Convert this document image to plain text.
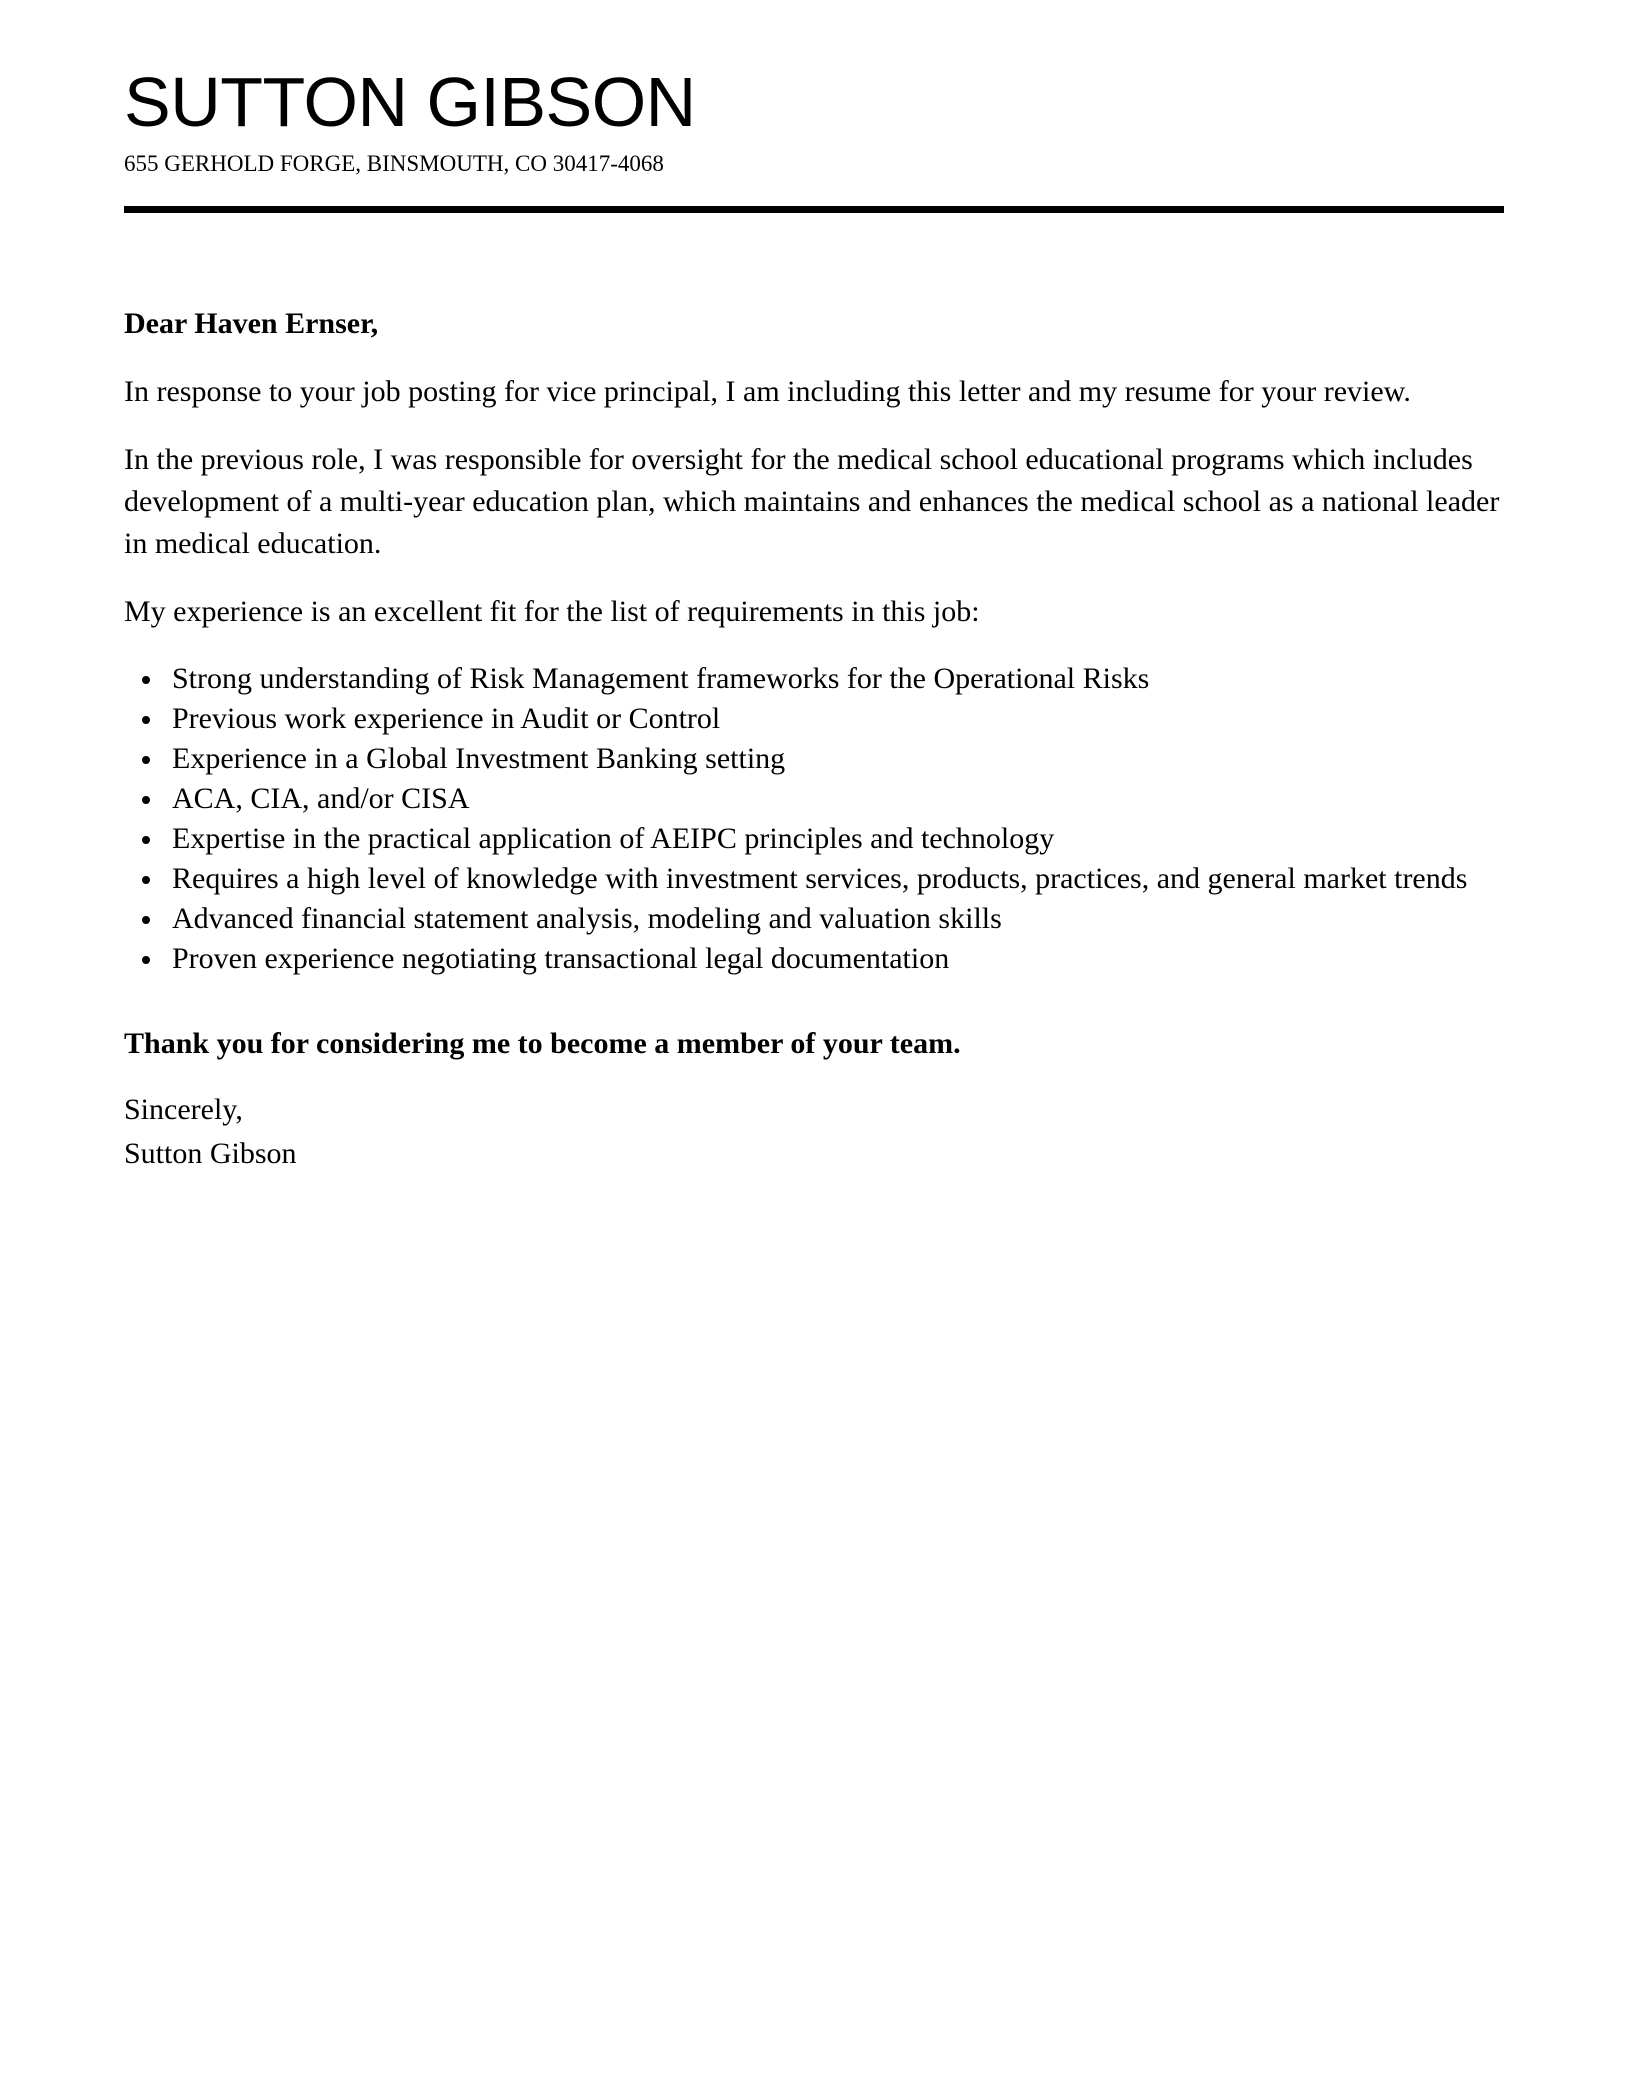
SUTTON GIBSON
655 GERHOLD FORGE, BINSMOUTH, CO 30417-4068

Dear Haven Ernser,

In response to your job posting for vice principal, I am including this letter and my resume for your review.

In the previous role, I was responsible for oversight for the medical school educational programs which includes development of a multi-year education plan, which maintains and enhances the medical school as a national leader in medical education.

My experience is an excellent fit for the list of requirements in this job:

Strong understanding of Risk Management frameworks for the Operational Risks
Previous work experience in Audit or Control
Experience in a Global Investment Banking setting
ACA, CIA, and/or CISA
Expertise in the practical application of AEIPC principles and technology
Requires a high level of knowledge with investment services, products, practices, and general market trends
Advanced financial statement analysis, modeling and valuation skills
Proven experience negotiating transactional legal documentation

Thank you for considering me to become a member of your team.

Sincerely,
Sutton Gibson
